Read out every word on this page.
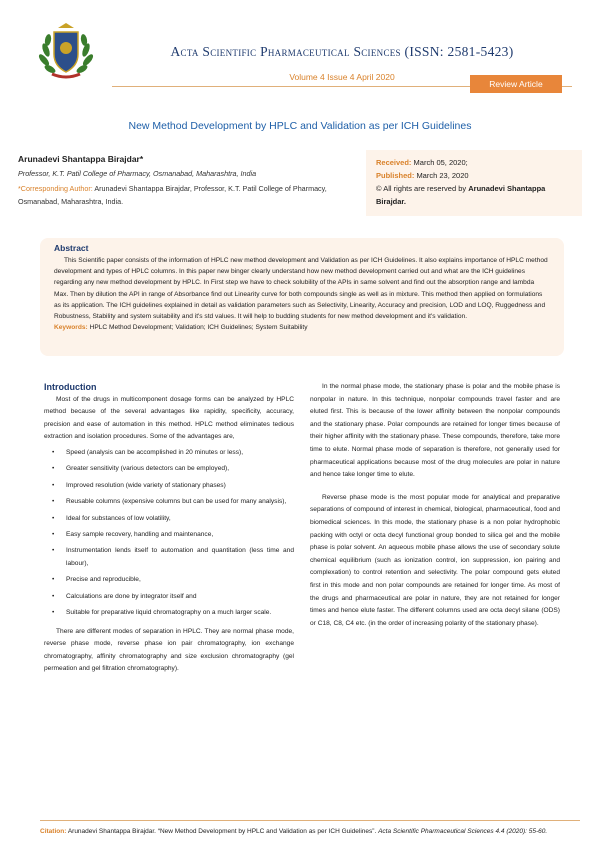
Acta Scientific Pharmaceutical Sciences (ISSN: 2581-5423)
Volume 4 Issue 4 April 2020
Review Article
New Method Development by HPLC and Validation as per ICH Guidelines
Arunadevi Shantappa Birajdar*
Professor, K.T. Patil College of Pharmacy, Osmanabad, Maharashtra, India
*Corresponding Author: Arunadevi Shantappa Birajdar, Professor, K.T. Patil College of Pharmacy, Osmanabad, Maharashtra, India.
Received: March 05, 2020;
Published: March 23, 2020
© All rights are reserved by Arunadevi Shantappa Birajdar.
Abstract

This Scientific paper consists of the information of HPLC new method development and Validation as per ICH Guidelines. It also explains importance of HPLC method development and types of HPLC columns. In this paper new binger clearly understand how new method development carried out and what are the ICH guidelines regarding any new method development by HPLC. In First step we have to check solubility of the APIs in same solvent and find out the absorption range and lambda Max. Then by dilution the API in range of Absorbance find out Linearity curve for both compounds single as well as in mixture. This method then applied on formulations as its application. The ICH guidelines explained in detail as validation parameters such as Selectivity, Linearity, Accuracy and precision, LOD and LOQ, Ruggedness and Robustness, Stability and system suitability and it's std values. It will help to budding students for new method development and it's validation.

Keywords: HPLC Method Development; Validation; ICH Guidelines; System Suitability
Introduction

Most of the drugs in multicomponent dosage forms can be analyzed by HPLC method because of the several advantages like rapidity, specificity, accuracy, precision and ease of automation in this method. HPLC method eliminates tedious extraction and isolation procedures. Some of the advantages are,

• Speed (analysis can be accomplished in 20 minutes or less),
• Greater sensitivity (various detectors can be employed),
• Improved resolution (wide variety of stationary phases)
• Reusable columns (expensive columns but can be used for many analysis),
• Ideal for substances of low volatility,
• Easy sample recovery, handling and maintenance,
• Instrumentation lends itself to automation and quantitation (less time and labour),
• Precise and reproducible,
• Calculations are done by integrator itself and
• Suitable for preparative liquid chromatography on a much larger scale.

There are different modes of separation in HPLC. They are normal phase mode, reverse phase mode, reverse phase ion pair chromatography, ion exchange chromatography, affinity chromatography and size exclusion chromatography (gel permeation and gel filtration chromatography).

In the normal phase mode, the stationary phase is polar and the mobile phase is nonpolar in nature. In this technique, nonpolar compounds travel faster and are eluted first. This is because of the lower affinity between the nonpolar compounds and the stationary phase. Polar compounds are retained for longer times because of their higher affinity with the stationary phase. These compounds, therefore, take more time to elute. Normal phase mode of separation is therefore, not generally used for pharmaceutical applications because most of the drug molecules are polar in nature and hence take longer time to elute.

Reverse phase mode is the most popular mode for analytical and preparative separations of compound of interest in chemical, biological, pharmaceutical, food and biomedical sciences. In this mode, the stationary phase is a non polar hydrophobic packing with octyl or octa decyl functional group bonded to silica gel and the mobile phase is polar solvent. An aqueous mobile phase allows the use of secondary solute chemical equilibrium (such as ionization control, ion suppression, ion pairing and complexation) to control retention and selectivity. The polar compound gets eluted first in this mode and non polar compounds are retained for longer time. As most of the drugs and pharmaceutical are polar in nature, they are not retained for longer times and hence elute faster. The different columns used are octa decyl silane (ODS) or C18, C8, C4 etc. (in the order of increasing polarity of the stationary phase).

Citation: Arunadevi Shantappa Birajdar. “New Method Development by HPLC and Validation as per ICH Guidelines”. Acta Scientific Pharmaceutical Sciences 4.4 (2020): 55-60.
